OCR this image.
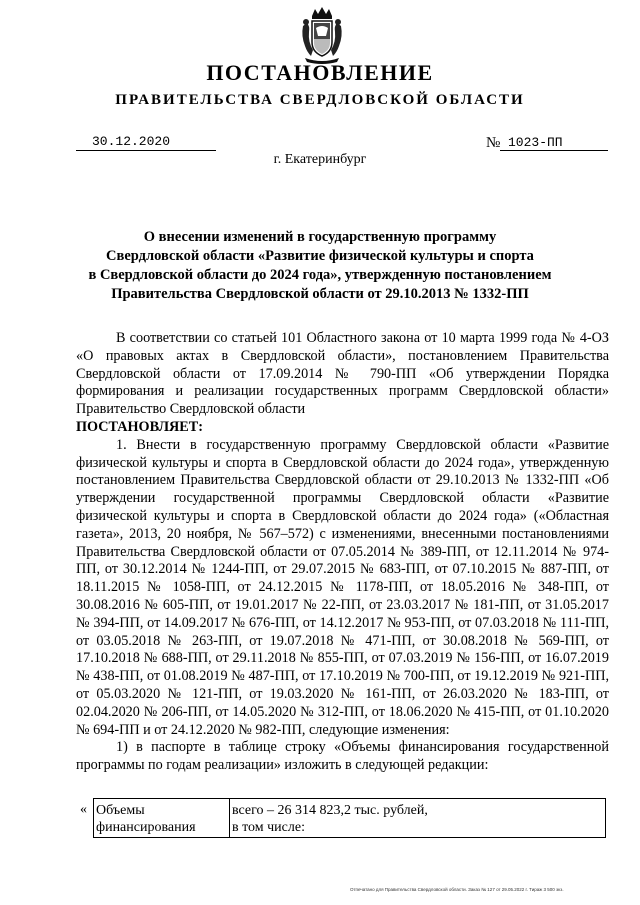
ПОСТАНОВЛЕНИЕ
ПРАВИТЕЛЬСТВА СВЕРДЛОВСКОЙ ОБЛАСТИ
30.12.2020	№ 1023-ПП
г. Екатеринбург
О внесении изменений в государственную программу
Свердловской области «Развитие физической культуры и спорта
в Свердловской области до 2024 года», утвержденную постановлением
Правительства Свердловской области от 29.10.2013 № 1332-ПП

В соответствии со статьей 101 Областного закона от 10 марта 1999 года № 4-ОЗ «О правовых актах в Свердловской области», постановлением Правительства Свердловской области от 17.09.2014 № 790-ПП «Об утверждении Порядка формирования и реализации государственных программ Свердловской области» Правительство Свердловской области

ПОСТАНОВЛЯЕТ:

1. Внести в государственную программу Свердловской области «Развитие физической культуры и спорта в Свердловской области до 2024 года», утвержденную постановлением Правительства Свердловской области от 29.10.2013 № 1332-ПП «Об утверждении государственной программы Свердловской области «Развитие физической культуры и спорта в Свердловской области до 2024 года» («Областная газета», 2013, 20 ноября, № 567–572) с изменениями, внесенными постановлениями Правительства Свердловской области от 07.05.2014 № 389-ПП, от 12.11.2014 № 974-ПП, от 30.12.2014 № 1244-ПП, от 29.07.2015 № 683-ПП, от 07.10.2015 № 887-ПП, от 18.11.2015 № 1058-ПП, от 24.12.2015 № 1178-ПП, от 18.05.2016 № 348-ПП, от 30.08.2016 № 605-ПП, от 19.01.2017 № 22-ПП, от 23.03.2017 № 181-ПП, от 31.05.2017 № 394-ПП, от 14.09.2017 № 676-ПП, от 14.12.2017 № 953-ПП, от 07.03.2018 № 111-ПП, от 03.05.2018 № 263-ПП, от 19.07.2018 № 471-ПП, от 30.08.2018 № 569-ПП, от 17.10.2018 № 688-ПП, от 29.11.2018 № 855-ПП, от 07.03.2019 № 156-ПП, от 16.07.2019 № 438-ПП, от 01.08.2019 № 487-ПП, от 17.10.2019 № 700-ПП, от 19.12.2019 № 921-ПП, от 05.03.2020 № 121-ПП, от 19.03.2020 № 161-ПП, от 26.03.2020 № 183-ПП, от 02.04.2020 № 206-ПП, от 14.05.2020 № 312-ПП, от 18.06.2020 № 415-ПП, от 01.10.2020 № 694-ПП и от 24.12.2020 № 982-ПП, следующие изменения:

1) в паспорте в таблице строку «Объемы финансирования государственной программы по годам реализации» изложить в следующей редакции:

« Объемы финансирования
всего – 26 314 823,2 тыс. рублей,
в том числе:
Отпечатано для Правительства Свердловской области. Заказ № 127 от 29.05.2022 г. Тираж 3 500 экз.
